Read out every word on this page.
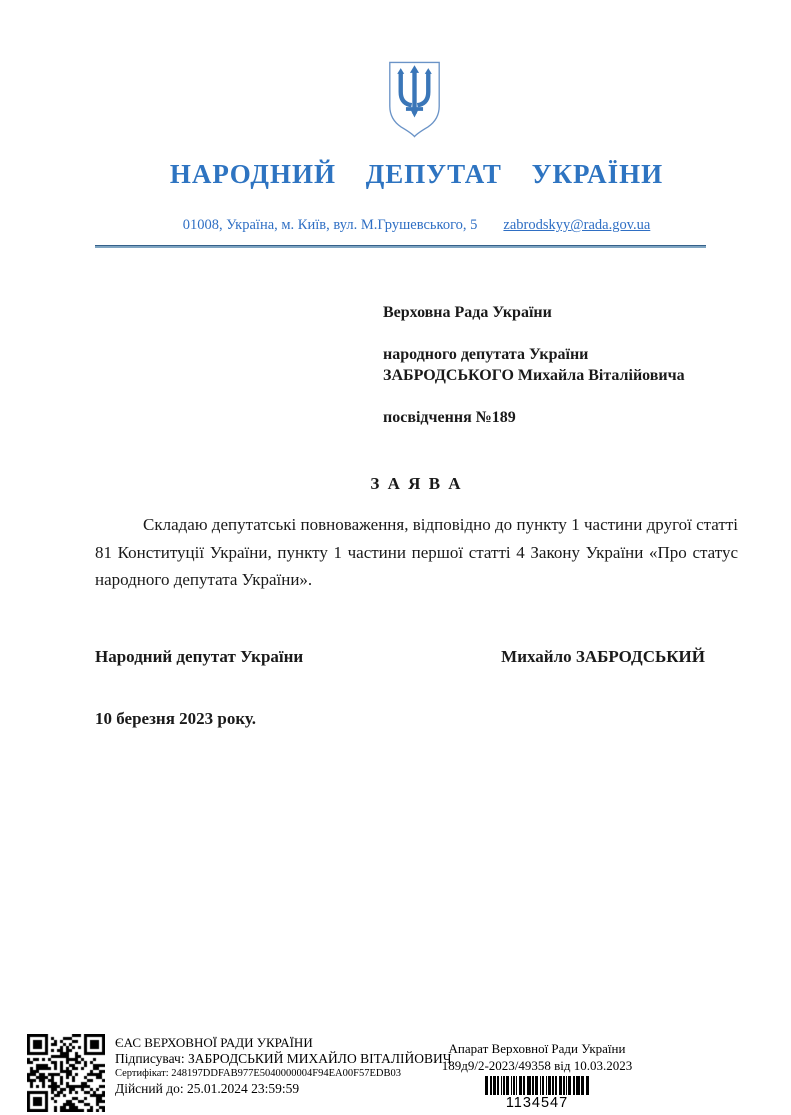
НАРОДНИЙ ДЕПУТАТ УКРАЇНИ
01008, Україна, м. Київ, вул. М.Грушевського, 5 zabrodskyy@rada.gov.ua
Верховна Рада України
народного депутата України
ЗАБРОДСЬКОГО Михайла Віталійовича
посвідчення №189
З А Я В А
Складаю депутатські повноваження, відповідно до пункту 1 частини другої статті 81 Конституції України, пункту 1 частини першої статті 4 Закону України «Про статус народного депутата України».
Народний депутат України	Михайло ЗАБРОДСЬКИЙ
10 березня 2023 року.
ЄАС ВЕРХОВНОЇ РАДИ УКРАЇНИ
Підписувач: ЗАБРОДСЬКИЙ МИХАЙЛО ВІТАЛІЙОВИЧ
Сертифікат: 248197DDFAB977E5040000004F94EA00F57EDB03
Дійсний до: 25.01.2024 23:59:59
Апарат Верховної Ради України
189д9/2-2023/49358 від 10.03.2023
1134547
